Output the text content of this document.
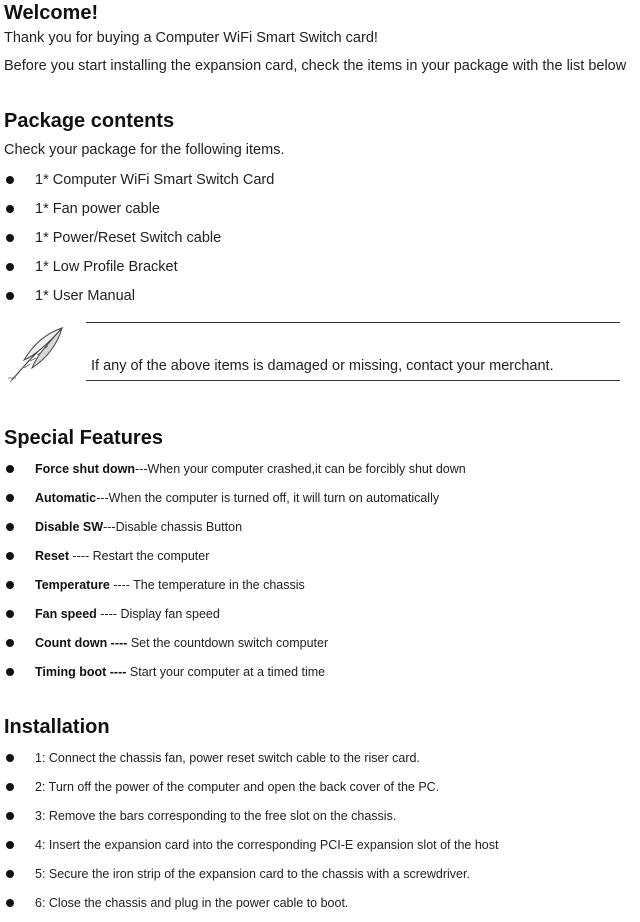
Welcome!

Thank you for buying a Computer WiFi Smart Switch card!

Before you start installing the expansion card, check the items in your package with the list below

Package contents

Check your package for the following items.

1* Computer WiFi Smart Switch Card
1* Fan power cable
1* Power/Reset Switch cable
1* Low Profile Bracket
1* User Manual

If any of the above items is damaged or missing, contact your merchant.

Special Features
Force shut down---When your computer crashed,it can be forcibly shut down
Automatic---When the computer is turned off, it will turn on automatically
Disable SW---Disable chassis Button
Reset ---- Restart the computer
Temperature ---- The temperature in the chassis
Fan speed ---- Display fan speed
Count down ---- Set the countdown switch computer
Timing boot ---- Start your computer at a timed time
Installation
1: Connect the chassis fan, power reset switch cable to the riser card.
2: Turn off the power of the computer and open the back cover of the PC.
3: Remove the bars corresponding to the free slot on the chassis.
4: Insert the expansion card into the corresponding PCI-E expansion slot of the host
5: Secure the iron strip of the expansion card to the chassis with a screwdriver.
6: Close the chassis and plug in the power cable to boot.
